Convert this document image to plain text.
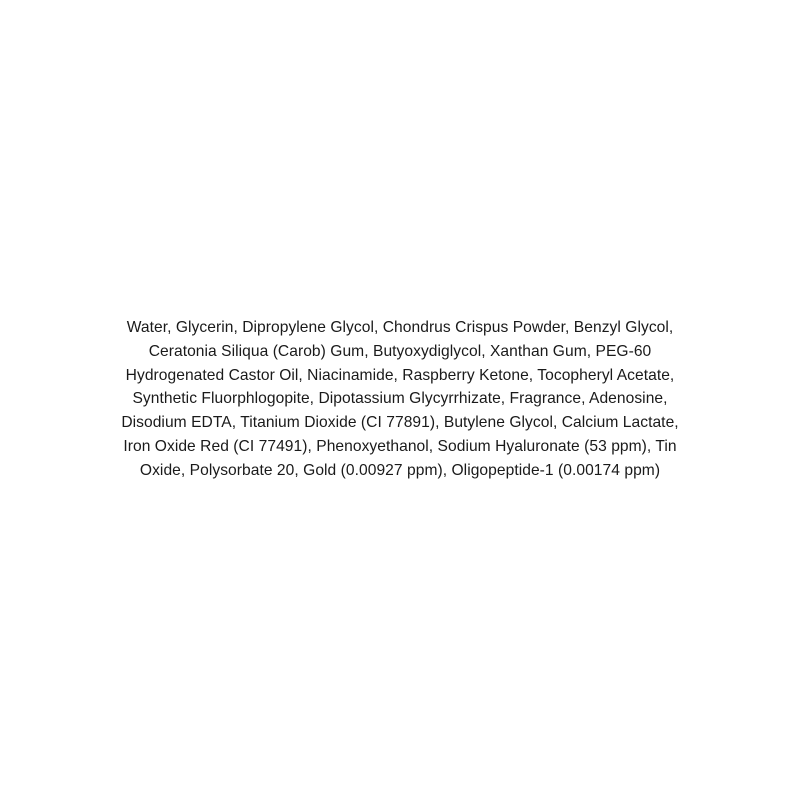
Water, Glycerin, Dipropylene Glycol, Chondrus Crispus Powder, Benzyl Glycol,
Ceratonia Siliqua (Carob) Gum, Butyoxydiglycol, Xanthan Gum, PEG-60
Hydrogenated Castor Oil, Niacinamide, Raspberry Ketone, Tocopheryl Acetate,
Synthetic Fluorphlogopite, Dipotassium Glycyrrhizate, Fragrance, Adenosine,
Disodium EDTA, Titanium Dioxide (CI 77891), Butylene Glycol, Calcium Lactate,
Iron Oxide Red (CI 77491), Phenoxyethanol, Sodium Hyaluronate (53 ppm), Tin
Oxide, Polysorbate 20, Gold (0.00927 ppm), Oligopeptide-1 (0.00174 ppm)
